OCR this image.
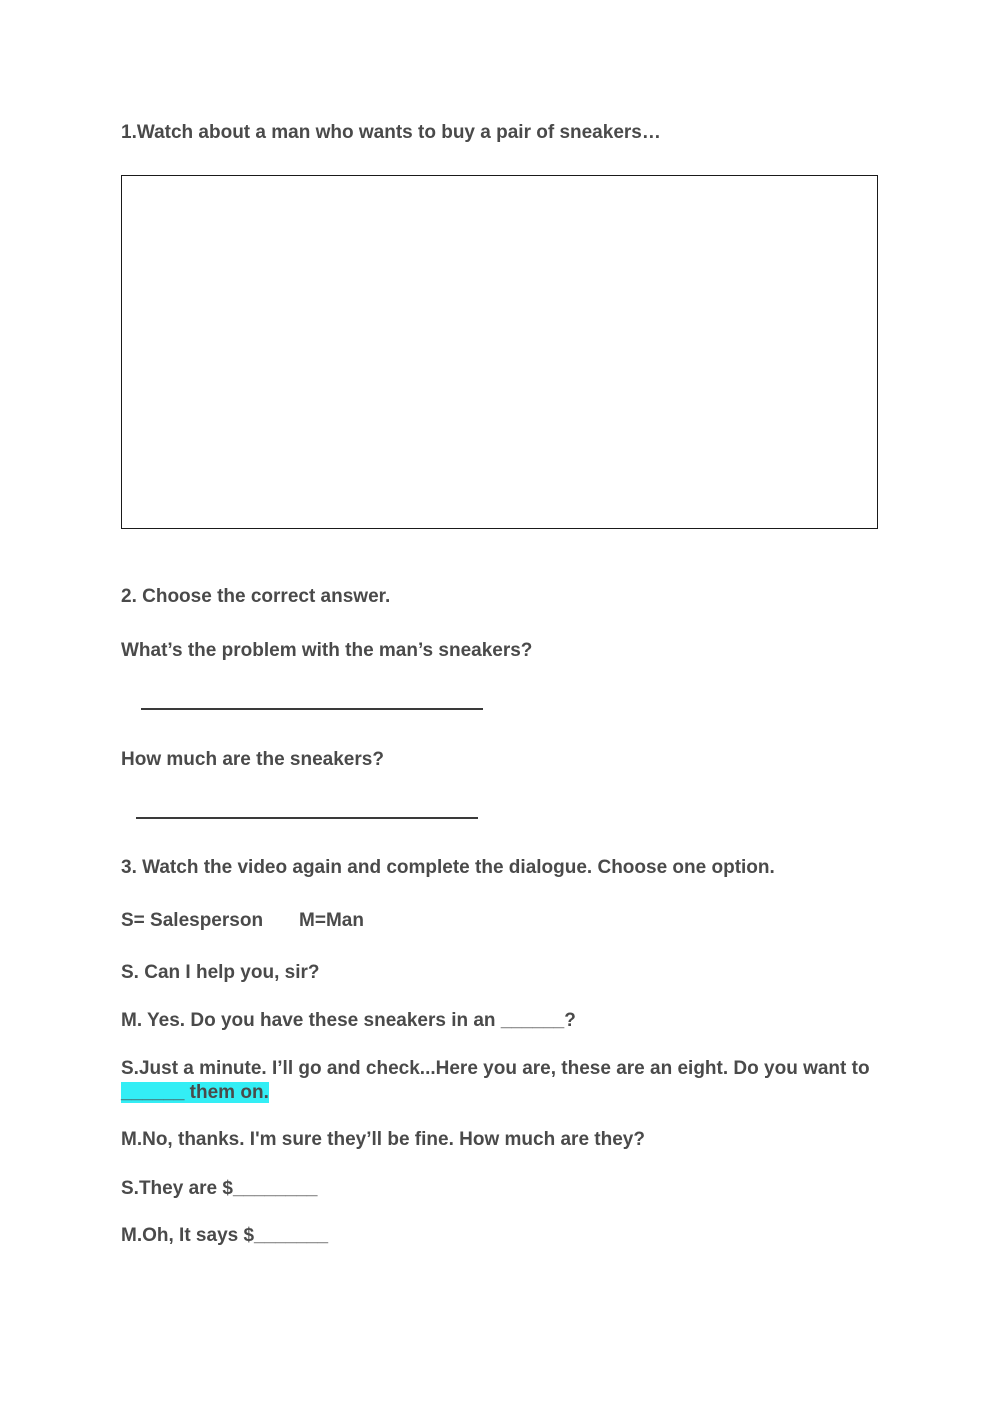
1.Watch about a man who wants to buy a pair of sneakers…
2. Choose the correct answer.
What’s the problem with the man’s sneakers?
How much are the sneakers?
3. Watch the video again and complete the dialogue. Choose one option.
S= Salesperson M=Man
S. Can I help you, sir?
M. Yes. Do you have these sneakers in an ______?
S.Just a minute. I’ll go and check...Here you are, these are an eight. Do you want to
______ them on.
M.No, thanks. I'm sure they’ll be fine. How much are they?
S.They are $________
M.Oh, It says $_______
